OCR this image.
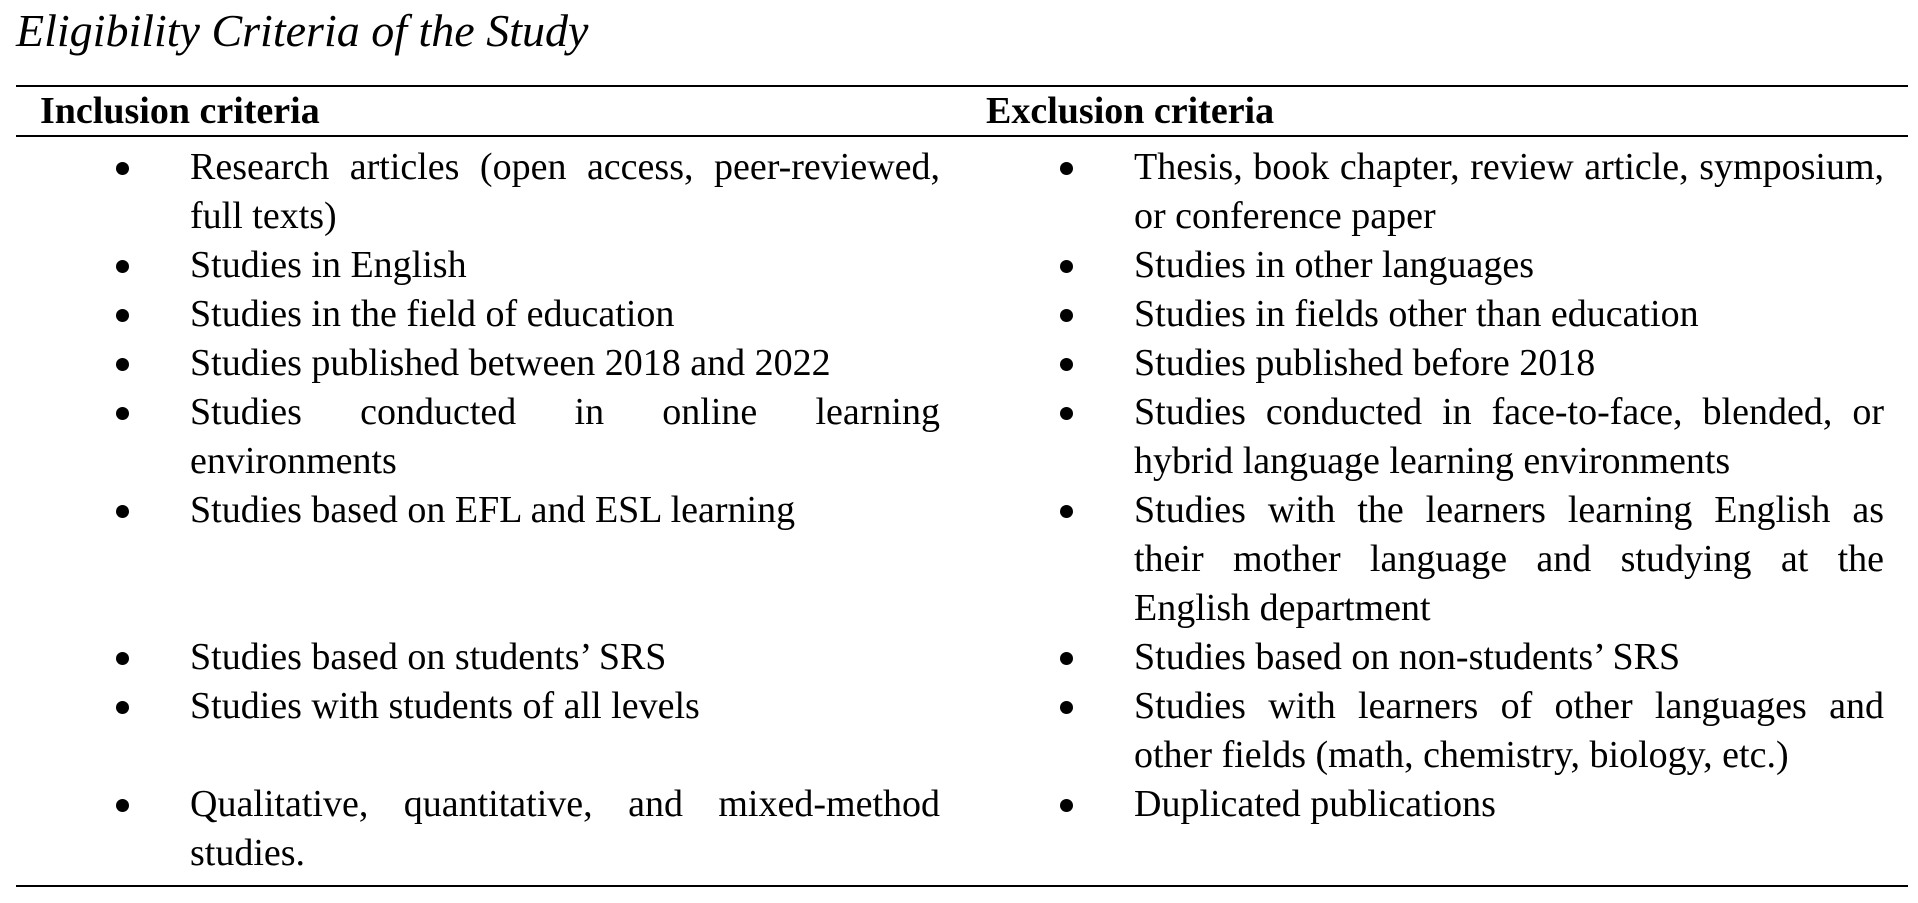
Eligibility Criteria of the Study
Inclusion criteria	Exclusion criteria
Research articles (open access, peer-reviewed, full texts)
Studies in English
Studies in the field of education
Studies published between 2018 and 2022
Studies conducted in online learning environments
Studies based on EFL and ESL learning
Studies based on students’ SRS
Studies with students of all levels
Qualitative, quantitative, and mixed-method studies.
Thesis, book chapter, review article, symposium, or conference paper
Studies in other languages
Studies in fields other than education
Studies published before 2018
Studies conducted in face-to-face, blended, or hybrid language learning environments
Studies with the learners learning English as their mother language and studying at the English department
Studies based on non-students’ SRS
Studies with learners of other languages and other fields (math, chemistry, biology, etc.)
Duplicated publications
